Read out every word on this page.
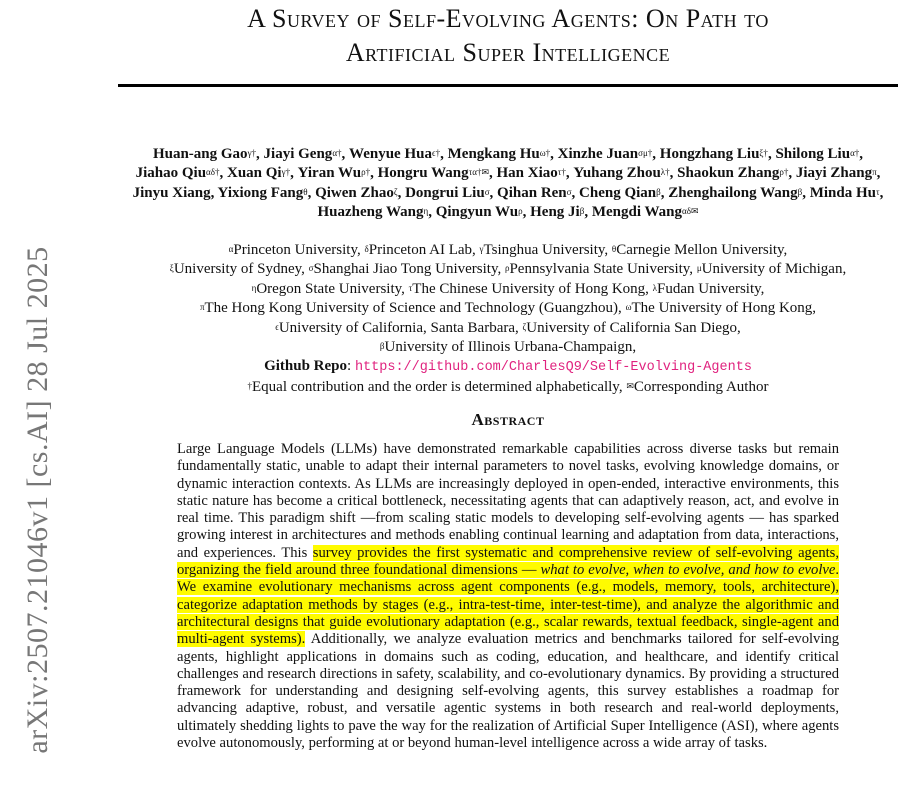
arXiv:2507.21046v1 [cs.AI] 28 Jul 2025
A Survey of Self-Evolving Agents: On Path to
Artificial Super Intelligence
Huan-ang Gao$^{\gamma\dagger}$, Jiayi Geng$^{\alpha\dagger}$, Wenyue Hua$^{\epsilon\dagger}$, Mengkang $Hu^{\omega\dagger}$, Xinzhe Juan$^{\sigma\mu\dagger}$, Hongzhang Liu$^{\xi\dagger}$, Shilong Liu$^{\alpha\dagger}$, Jiahao Qiu$^{\alpha\delta\dagger}$, Xuan $Qi^{\gamma\dagger}$, Yiran $Wu^{\rho\dagger}$, Hongru Wang$^{\tau\alpha\dagger✉}$, Han Xiao$^{\tau\dagger}$, Yuhang Zhou$^{\lambda\dagger}$, Shaokun Zhang$^{\rho\dagger}$, Jiayi Zhang$^\pi$, Jinyu Xiang, Yixiong Fang$^\theta$, Qiwen Zhao$^\zeta$, Dongrui Liu$^\sigma$, Qihan Ren$^\sigma$, Cheng Qian$^\beta$, Zhenghailong Wang$^\beta$, Minda $Hu^\tau$, Huazheng Wang$^\eta$, Qingyun $Wu^\rho$, Heng $Ji^\beta$, Mengdi Wang$^{\alpha\delta✉}$
$^\alpha$Princeton University, $^\delta$Princeton AI Lab, $^\gamma$Tsinghua University, $^\theta$Carnegie Mellon University,
$^\xi$University of Sydney, $^\sigma$Shanghai Jiao Tong University, $^\rho$Pennsylvania State University, $^\mu$University of Michigan,
$^\eta$Oregon State University, $^\tau$The Chinese University of Hong Kong, $^\lambda$Fudan University,
$^\pi$The Hong Kong University of Science and Technology (Guangzhou), $^\omega$The University of Hong Kong,
$^\epsilon$University of California, Santa Barbara, $^\zeta$University of California San Diego,
$^\beta$University of Illinois Urbana-Champaign,
Github Repo: https://github.com/CharlesQ9/Self-Evolving-Agents
†Equal contribution and the order is determined alphabetically, ✉Corresponding Author
Abstract
Large Language Models (LLMs) have demonstrated remarkable capabilities across diverse tasks but remain fundamentally static, unable to adapt their internal parameters to novel tasks, evolving knowledge domains, or dynamic interaction contexts. As LLMs are increasingly deployed in open-ended, interactive environments, this static nature has become a critical bottleneck, necessitating agents that can adaptively reason, act, and evolve in real time. This paradigm shift —from scaling static models to developing self-evolving agents — has sparked growing interest in architectures and methods enabling continual learning and adaptation from data, interactions, and experiences. This survey provides the first systematic and comprehensive review of self-evolving agents, organizing the field around three foundational dimensions — what to evolve, when to evolve, and how to evolve. We examine evolutionary mechanisms across agent components (e.g., models, memory, tools, architecture), categorize adaptation methods by stages (e.g., intra-test-time, inter-test-time), and analyze the algorithmic and architectural designs that guide evolutionary adaptation (e.g., scalar rewards, textual feedback, single-agent and multi-agent systems). Additionally, we analyze evaluation metrics and benchmarks tailored for self-evolving agents, highlight applications in domains such as coding, education, and healthcare, and identify critical challenges and research directions in safety, scalability, and co-evolutionary dynamics. By providing a structured framework for understanding and designing self-evolving agents, this survey establishes a roadmap for advancing adaptive, robust, and versatile agentic systems in both research and real-world deployments, ultimately shedding lights to pave the way for the realization of Artificial Super Intelligence (ASI), where agents evolve autonomously, performing at or beyond human-level intelligence across a wide array of tasks.
